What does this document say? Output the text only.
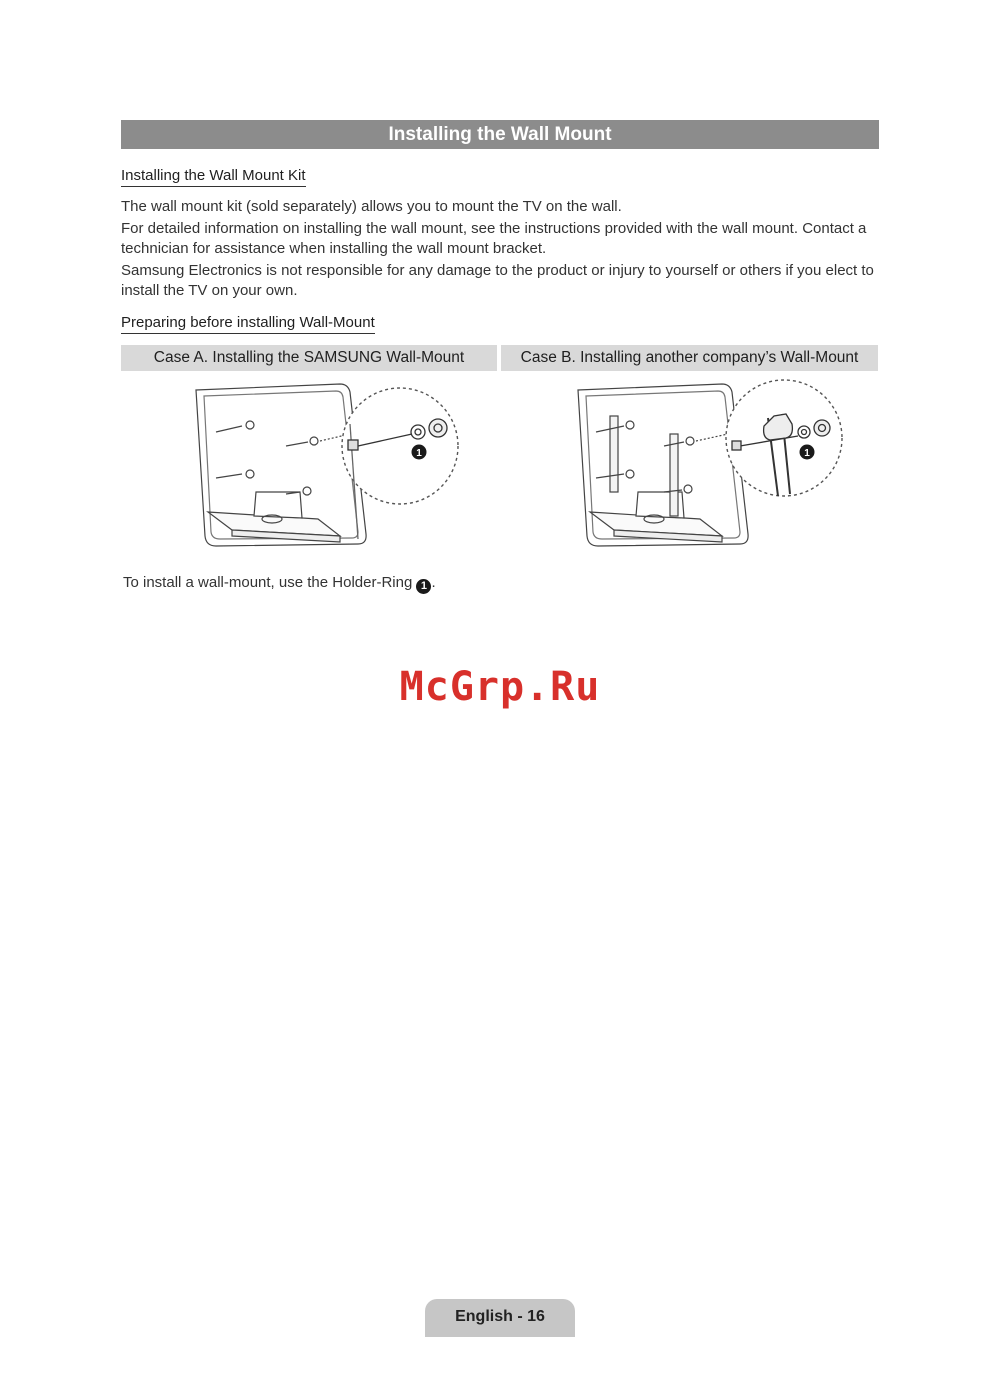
Installing the Wall Mount
Installing the Wall Mount Kit
The wall mount kit (sold separately) allows you to mount the TV on the wall.
For detailed information on installing the wall mount, see the instructions provided with the wall mount. Contact a technician for assistance when installing the wall mount bracket.
Samsung Electronics is not responsible for any damage to the product or injury to yourself or others if you elect to install the TV on your own.
Preparing before installing Wall-Mount
Case A. Installing the SAMSUNG Wall-Mount	Case B. Installing another company’s Wall-Mount
1	1
To install a wall-mount, use the Holder-Ring 1 .
McGrp.Ru
English - 16
